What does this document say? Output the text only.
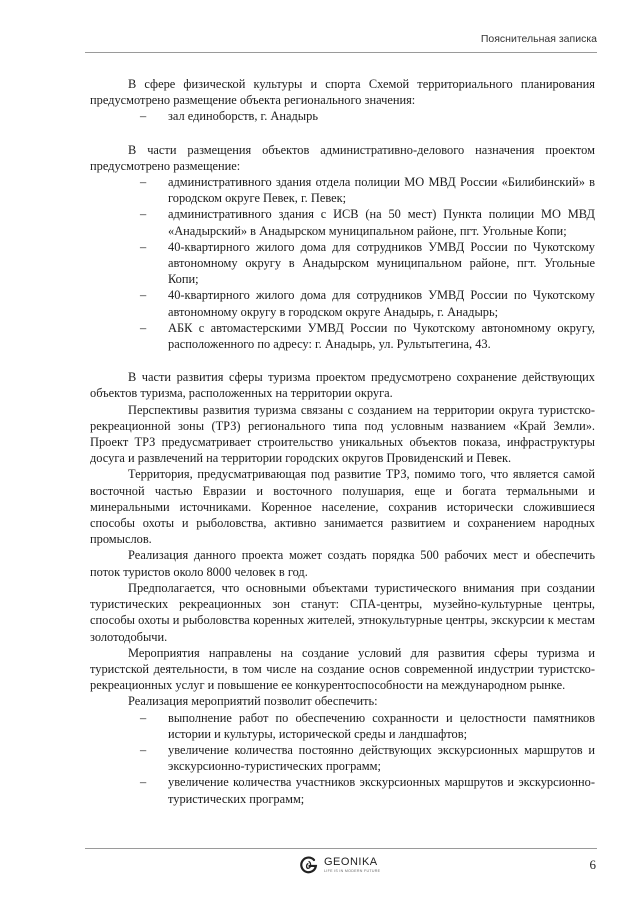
Пояснительная записка

В сфере физической культуры и спорта Схемой территориального планирования предусмотрено размещение объекта регионального значения:

– зал единоборств, г. Анадырь

В части размещения объектов административно-делового назначения проектом предусмотрено размещение:

– административного здания отдела полиции МО МВД России «Билибинский» в городском округе Певек, г. Певек;
– административного здания с ИСВ (на 50 мест) Пункта полиции МО МВД «Анадырский» в Анадырском муниципальном районе, пгт. Угольные Копи;
– 40-квартирного жилого дома для сотрудников УМВД России по Чукотскому автономному округу в Анадырском муниципальном районе, пгт. Угольные Копи;
– 40-квартирного жилого дома для сотрудников УМВД России по Чукотскому автономному округу в городском округе Анадырь, г. Анадырь;
– АБК с автомастерскими УМВД России по Чукотскому автономному округу, расположенного по адресу: г. Анадырь, ул. Рультытегина, 43.

В части развития сферы туризма проектом предусмотрено сохранение действующих объектов туризма, расположенных на территории округа.

Перспективы развития туризма связаны с созданием на территории округа туристско-рекреационной зоны (ТРЗ) регионального типа под условным названием «Край Земли». Проект ТРЗ предусматривает строительство уникальных объектов показа, инфраструктуры досуга и развлечений на территории городских округов Провиденский и Певек.

Территория, предусматривающая под развитие ТРЗ, помимо того, что является самой восточной частью Евразии и восточного полушария, еще и богата термальными и минеральными источниками. Коренное население, сохранив исторически сложившиеся способы охоты и рыболовства, активно занимается развитием и сохранением народных промыслов.

Реализация данного проекта может создать порядка 500 рабочих мест и обеспечить поток туристов около 8000 человек в год.

Предполагается, что основными объектами туристического внимания при создании туристических рекреационных зон станут: СПА-центры, музейно-культурные центры, способы охоты и рыболовства коренных жителей, этнокультурные центры, экскурсии к местам золотодобычи.

Мероприятия направлены на создание условий для развития сферы туризма и туристской деятельности, в том числе на создание основ современной индустрии туристско-рекреационных услуг и повышение ее конкурентоспособности на международном рынке.

Реализация мероприятий позволит обеспечить:

– выполнение работ по обеспечению сохранности и целостности памятников истории и культуры, исторической среды и ландшафтов;
– увеличение количества постоянно действующих экскурсионных маршрутов и экскурсионно-туристических программ;
– увеличение количества участников экскурсионных маршрутов и экскурсионно-туристических программ;
GEONIKA
LIFE IS IN MODERN FUTURE	6
